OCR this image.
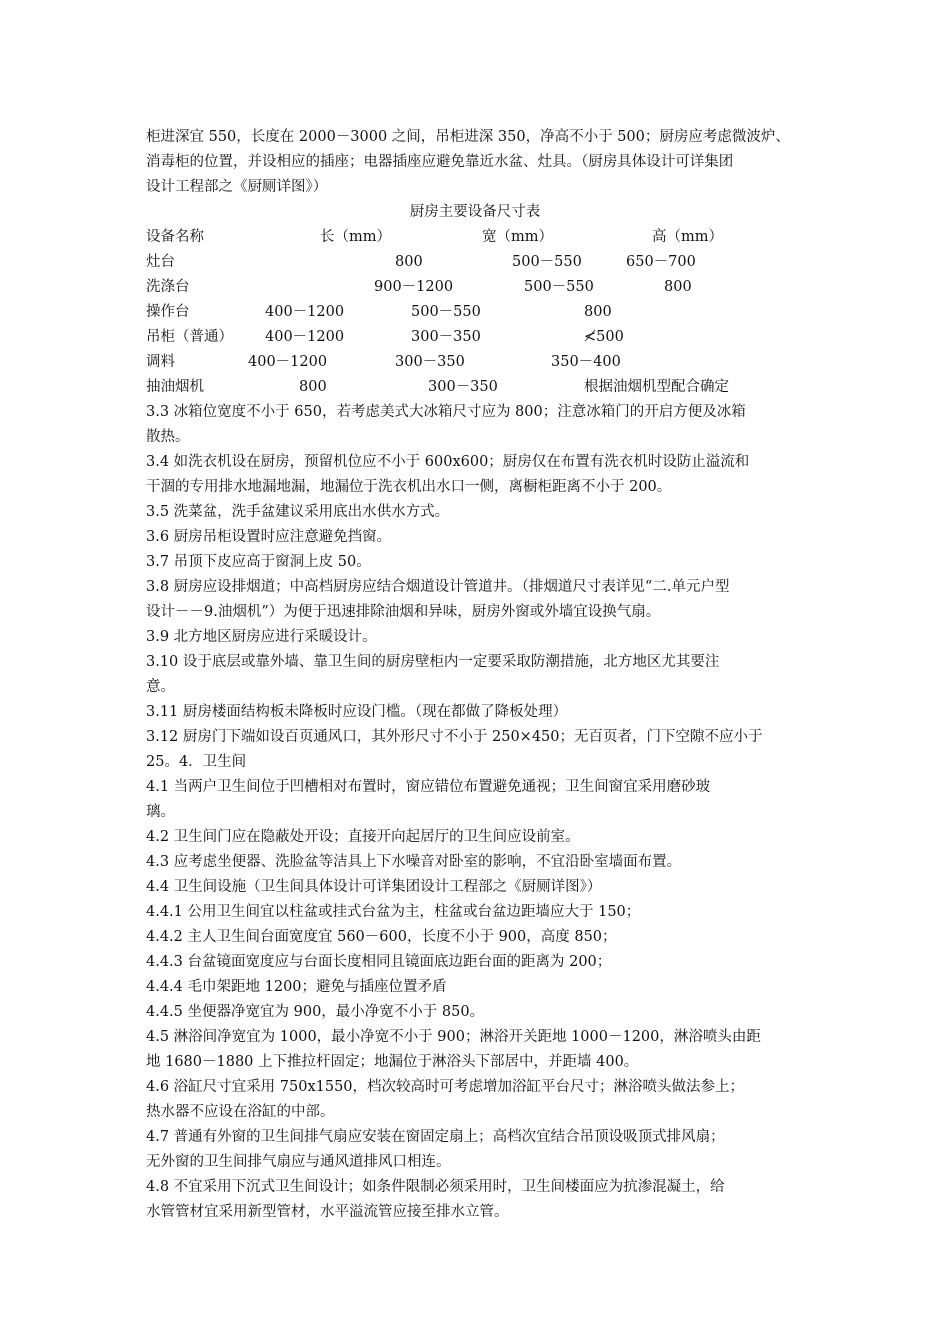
柜进深宜 550，长度在 2000－3000 之间，吊柜进深 350，净高不小于 500；厨房应考虑微波炉、
消毒柜的位置，并设相应的插座；电器插座应避免靠近水盆、灶具。（厨房具体设计可详集团
设计工程部之《厨厕详图》）
厨房主要设备尺寸表
设备名称	长（mm）	宽（mm）	高（mm）
灶台	800	500－550	650－700
洗涤台	900－1200	500－550	800
操作台	400－1200	500－550	800
吊柜（普通） 400－1200	300－350	≮500
调料	400－1200	300－350	350－400
抽油烟机	800	300－350	根据油烟机型配合确定
3.3 冰箱位宽度不小于 650，若考虑美式大冰箱尺寸应为 800；注意冰箱门的开启方便及冰箱
散热。
3.4 如洗衣机设在厨房，预留机位应不小于 600x600；厨房仅在布置有洗衣机时设防止溢流和
干涸的专用排水地漏地漏，地漏位于洗衣机出水口一侧，离橱柜距离不小于 200。
3.5 洗菜盆，洗手盆建议采用底出水供水方式。
3.6 厨房吊柜设置时应注意避免挡窗。
3.7 吊顶下皮应高于窗洞上皮 50。
3.8 厨房应设排烟道；中高档厨房应结合烟道设计管道井。（排烟道尺寸表详见“二.单元户型
设计－－9.油烟机”）为便于迅速排除油烟和异味，厨房外窗或外墙宜设换气扇。
3.9 北方地区厨房应进行采暖设计。
3.10 设于底层或靠外墙、靠卫生间的厨房壁柜内一定要采取防潮措施，北方地区尤其要注
意。
3.11 厨房楼面结构板未降板时应设门槛。（现在都做了降板处理）
3.12 厨房门下端如设百页通风口，其外形尺寸不小于 250×450；无百页者，门下空隙不应小于
25。4．卫生间
4.1 当两户卫生间位于凹槽相对布置时，窗应错位布置避免通视；卫生间窗宜采用磨砂玻
璃。
4.2 卫生间门应在隐蔽处开设；直接开向起居厅的卫生间应设前室。
4.3 应考虑坐便器、洗脸盆等洁具上下水噪音对卧室的影响，不宜沿卧室墙面布置。
4.4 卫生间设施（卫生间具体设计可详集团设计工程部之《厨厕详图》）
4.4.1 公用卫生间宜以柱盆或挂式台盆为主，柱盆或台盆边距墙应大于 150；
4.4.2 主人卫生间台面宽度宜 560－600，长度不小于 900，高度 850；
4.4.3 台盆镜面宽度应与台面长度相同且镜面底边距台面的距离为 200；
4.4.4 毛巾架距地 1200；避免与插座位置矛盾
4.4.5 坐便器净宽宜为 900，最小净宽不小于 850。
4.5 淋浴间净宽宜为 1000，最小净宽不小于 900；淋浴开关距地 1000－1200，淋浴喷头由距
地 1680－1880 上下推拉杆固定；地漏位于淋浴头下部居中，并距墙 400。
4.6 浴缸尺寸宜采用 750x1550，档次较高时可考虑增加浴缸平台尺寸；淋浴喷头做法参上；
热水器不应设在浴缸的中部。
4.7 普通有外窗的卫生间排气扇应安装在窗固定扇上；高档次宜结合吊顶设吸顶式排风扇；
无外窗的卫生间排气扇应与通风道排风口相连。
4.8 不宜采用下沉式卫生间设计；如条件限制必须采用时，卫生间楼面应为抗渗混凝土，给
水管管材宜采用新型管材，水平溢流管应接至排水立管。
